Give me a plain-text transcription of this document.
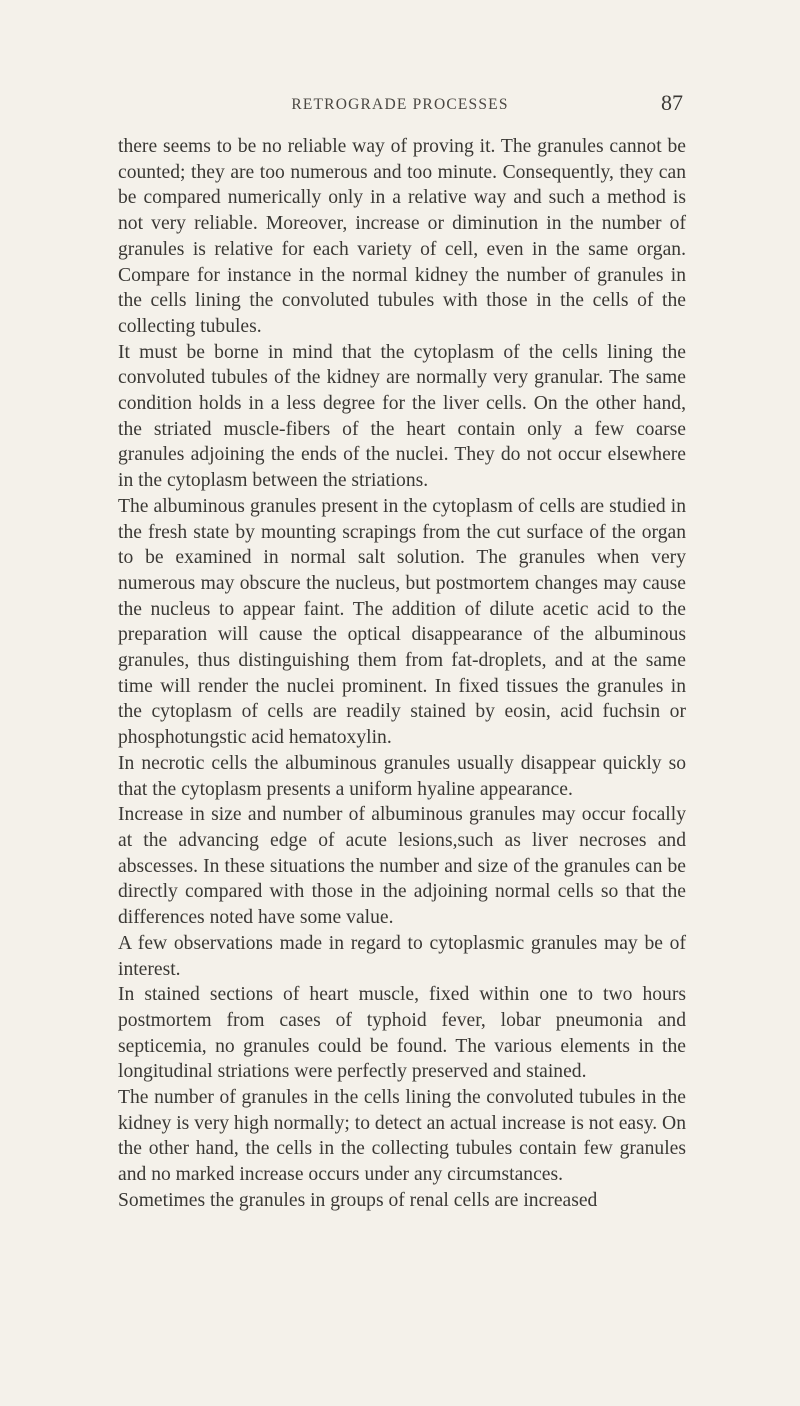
RETROGRADE PROCESSES	87

there seems to be no reliable way of proving it. The granules cannot be counted; they are too numerous and too minute. Consequently, they can be compared numerically only in a relative way and such a method is not very reliable. Moreover, increase or diminution in the number of granules is relative for each variety of cell, even in the same organ. Compare for instance in the normal kidney the number of granules in the cells lining the convoluted tubules with those in the cells of the collecting tubules.

It must be borne in mind that the cytoplasm of the cells lining the convoluted tubules of the kidney are normally very granular. The same condition holds in a less degree for the liver cells. On the other hand, the striated muscle-fibers of the heart contain only a few coarse granules adjoining the ends of the nuclei. They do not occur elsewhere in the cytoplasm between the striations.

The albuminous granules present in the cytoplasm of cells are studied in the fresh state by mounting scrapings from the cut surface of the organ to be examined in normal salt solution. The granules when very numerous may obscure the nucleus, but postmortem changes may cause the nucleus to appear faint. The addition of dilute acetic acid to the preparation will cause the optical disappearance of the albuminous granules, thus distinguishing them from fat-droplets, and at the same time will render the nuclei prominent. In fixed tissues the granules in the cytoplasm of cells are readily stained by eosin, acid fuchsin or phosphotungstic acid hematoxylin.

In necrotic cells the albuminous granules usually disappear quickly so that the cytoplasm presents a uniform hyaline appearance.

Increase in size and number of albuminous granules may occur focally at the advancing edge of acute lesions,such as liver necroses and abscesses. In these situations the number and size of the granules can be directly compared with those in the adjoining normal cells so that the differences noted have some value.

A few observations made in regard to cytoplasmic granules may be of interest.

In stained sections of heart muscle, fixed within one to two hours postmortem from cases of typhoid fever, lobar pneumonia and septicemia, no granules could be found. The various elements in the longitudinal striations were perfectly preserved and stained.

The number of granules in the cells lining the convoluted tubules in the kidney is very high normally; to detect an actual increase is not easy. On the other hand, the cells in the collecting tubules contain few granules and no marked increase occurs under any circumstances.

Sometimes the granules in groups of renal cells are increased
